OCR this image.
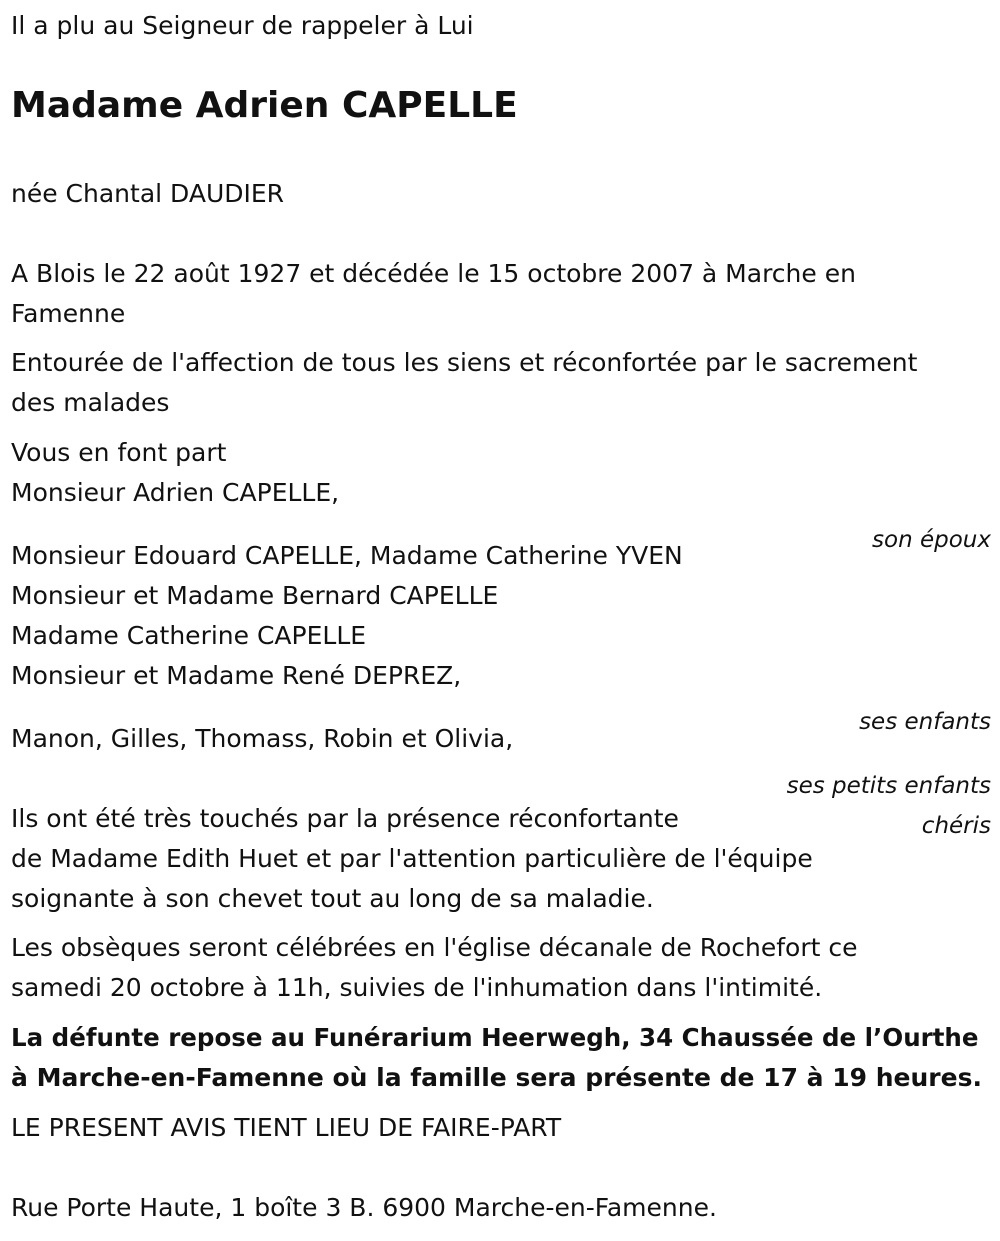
Il a plu au Seigneur de rappeler à Lui

Madame Adrien CAPELLE

née Chantal DAUDIER

A Blois le 22 août 1927 et décédée le 15 octobre 2007 à Marche en

Famenne

Entourée de l'affection de tous les siens et réconfortée par le sacrement

des malades

Vous en font part

Monsieur Adrien CAPELLE,

son époux

Monsieur Edouard CAPELLE, Madame Catherine YVEN

Monsieur et Madame Bernard CAPELLE

Madame Catherine CAPELLE

Monsieur et Madame René DEPREZ,

ses enfants

Manon, Gilles, Thomass, Robin et Olivia,

ses petits enfants

chéris

Ils ont été très touchés par la présence réconfortante

de Madame Edith Huet et par l'attention particulière de l'équipe

soignante à son chevet tout au long de sa maladie.

Les obsèques seront célébrées en l'église décanale de Rochefort ce

samedi 20 octobre à 11h, suivies de l'inhumation dans l'intimité.

La défunte repose au Funérarium Heerwegh, 34 Chaussée de l’Ourthe

à Marche-en-Famenne où la famille sera présente de 17 à 19 heures.

LE PRESENT AVIS TIENT LIEU DE FAIRE-PART

Rue Porte Haute, 1 boîte 3 B. 6900 Marche-en-Famenne.
